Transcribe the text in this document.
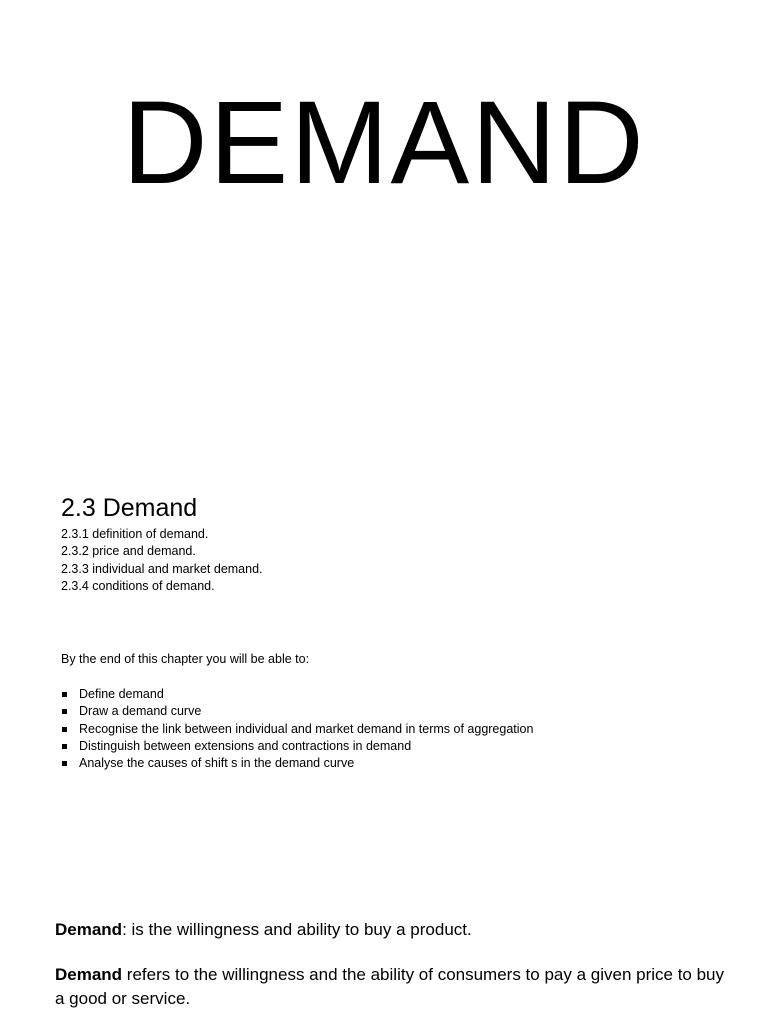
DEMAND
2.3 Demand
2.3.1 definition of demand.
2.3.2 price and demand.
2.3.3 individual and market demand.
2.3.4 conditions of demand.

By the end of this chapter you will be able to:

Define demand
Draw a demand curve
Recognise the link between individual and market demand in terms of aggregation
Distinguish between extensions and contractions in demand
Analyse the causes of shift s in the demand curve

Demand: is the willingness and ability to buy a product.

Demand refers to the willingness and the ability of consumers to pay a given price to buy a good or service.
